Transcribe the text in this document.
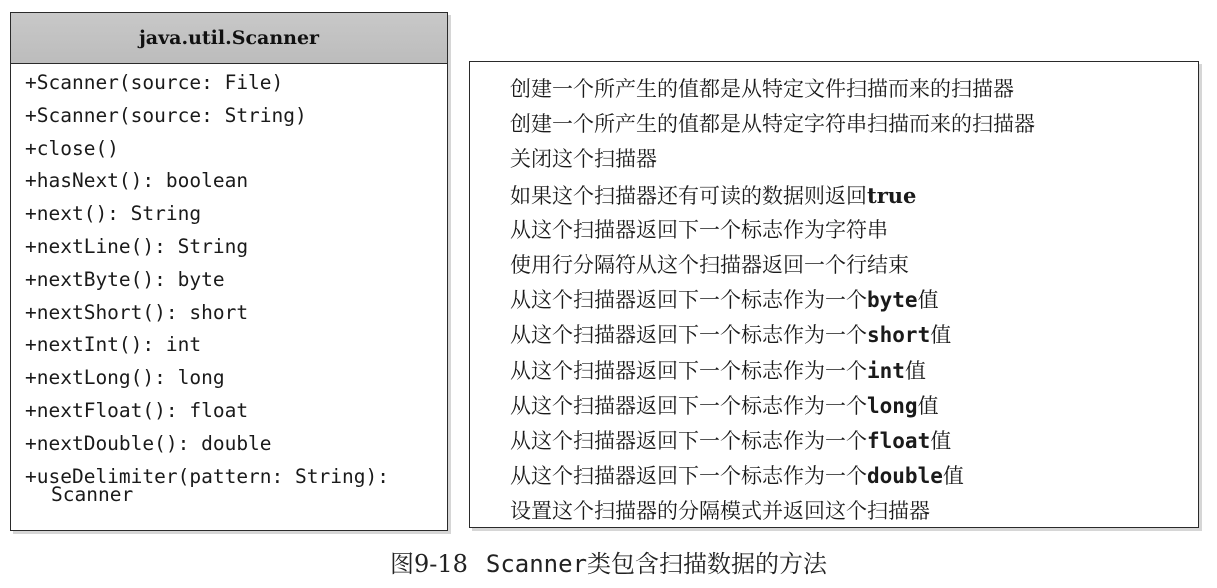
java.util.Scanner
+Scanner(source: File)
+Scanner(source: String)
+close()
+hasNext(): boolean
+next(): String
+nextLine(): String
+nextByte(): byte
+nextShort(): short
+nextInt(): int
+nextLong(): long
+nextFloat(): float
+nextDouble(): double
+useDelimiter(pattern: String):
Scanner
创建一个所产生的值都是从特定文件扫描而来的扫描器
创建一个所产生的值都是从特定字符串扫描而来的扫描器
关闭这个扫描器
如果这个扫描器还有可读的数据则返回true
从这个扫描器返回下一个标志作为字符串
使用行分隔符从这个扫描器返回一个行结束
从这个扫描器返回下一个标志作为一个byte值
从这个扫描器返回下一个标志作为一个short值
从这个扫描器返回下一个标志作为一个int值
从这个扫描器返回下一个标志作为一个long值
从这个扫描器返回下一个标志作为一个float值
从这个扫描器返回下一个标志作为一个double值
设置这个扫描器的分隔模式并返回这个扫描器
图9-18 Scanner类包含扫描数据的方法
